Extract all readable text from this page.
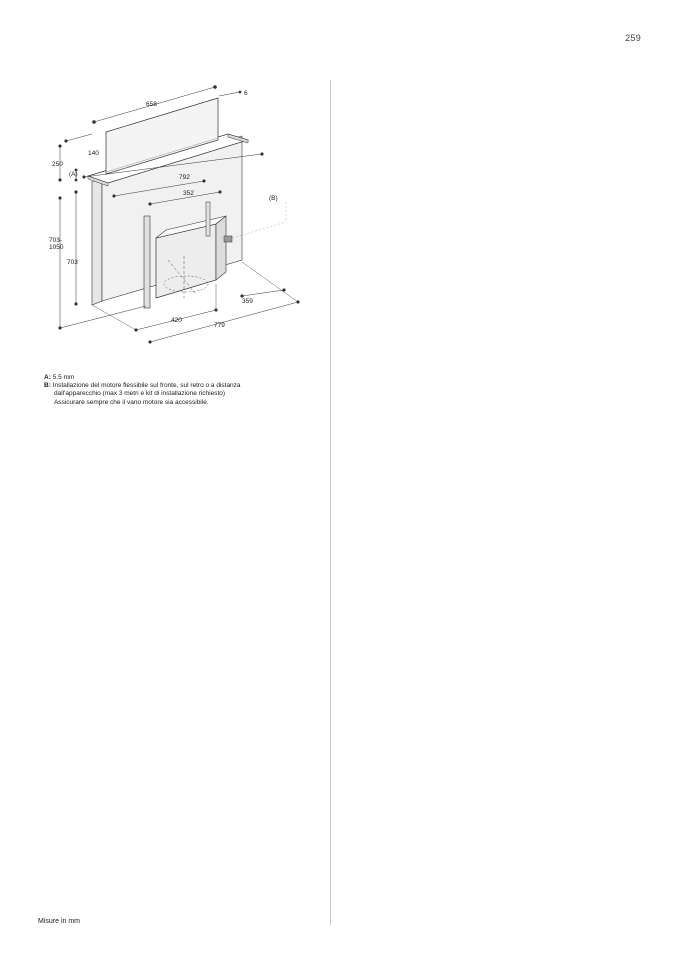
259
658
6
140
250
(A)	792
352
(B)
703-
1050
703
359
420
779
A: 5.5 mm
B: Installazione del motore flessibile sul fronte, sul retro o a distanza
dall'apparecchio (max 3 metri e kit di installazione richiesto)
Assicurare sempre che il vano motore sia accessibile.
Misure in mm
